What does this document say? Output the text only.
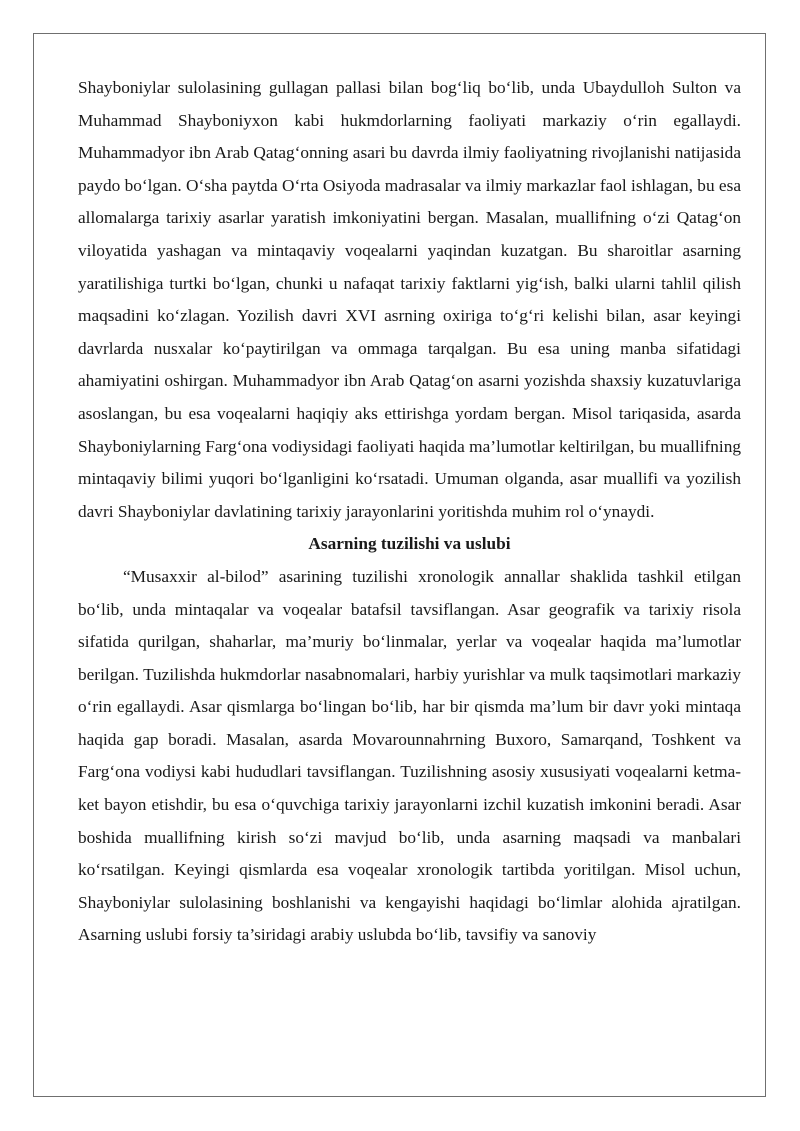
Shayboniylar sulolasining gullagan pallasi bilan bog‘liq bo‘lib, unda Ubaydulloh Sulton va Muhammad Shayboniyxon kabi hukmdorlarning faoliyati markaziy o‘rin egallaydi. Muhammadyor ibn Arab Qatag‘onning asari bu davrda ilmiy faoliyatning rivojlanishi natijasida paydo bo‘lgan. O‘sha paytda O‘rta Osiyoda madrasalar va ilmiy markazlar faol ishlagan, bu esa allomalarga tarixiy asarlar yaratish imkoniyatini bergan. Masalan, muallifning o‘zi Qatag‘on viloyatida yashagan va mintaqaviy voqealarni yaqindan kuzatgan. Bu sharoitlar asarning yaratilishiga turtki bo‘lgan, chunki u nafaqat tarixiy faktlarni yig‘ish, balki ularni tahlil qilish maqsadini ko‘zlagan. Yozilish davri XVI asrning oxiriga to‘g‘ri kelishi bilan, asar keyingi davrlarda nusxalar ko‘paytirilgan va ommaga tarqalgan. Bu esa uning manba sifatidagi ahamiyatini oshirgan. Muhammadyor ibn Arab Qatag‘on asarni yozishda shaxsiy kuzatuvlariga asoslangan, bu esa voqealarni haqiqiy aks ettirishga yordam bergan. Misol tariqasida, asarda Shayboniylarning Farg‘ona vodiysidagi faoliyati haqida ma’lumotlar keltirilgan, bu muallifning mintaqaviy bilimi yuqori bo‘lganligini ko‘rsatadi. Umuman olganda, asar muallifi va yozilish davri Shayboniylar davlatining tarixiy jarayonlarini yoritishda muhim rol o‘ynaydi.

Asarning tuzilishi va uslubi

“Musaxxir al-bilod” asarining tuzilishi xronologik annallar shaklida tashkil etilgan bo‘lib, unda mintaqalar va voqealar batafsil tavsiflangan. Asar geografik va tarixiy risola sifatida qurilgan, shaharlar, ma’muriy bo‘linmalar, yerlar va voqealar haqida ma’lumotlar berilgan. Tuzilishda hukmdorlar nasabnomalari, harbiy yurishlar va mulk taqsimotlari markaziy o‘rin egallaydi. Asar qismlarga bo‘lingan bo‘lib, har bir qismda ma’lum bir davr yoki mintaqa haqida gap boradi. Masalan, asarda Movarounnahrning Buxoro, Samarqand, Toshkent va Farg‘ona vodiysi kabi hududlari tavsiflangan. Tuzilishning asosiy xususiyati voqealarni ketma-ket bayon etishdir, bu esa o‘quvchiga tarixiy jarayonlarni izchil kuzatish imkonini beradi. Asar boshida muallifning kirish so‘zi mavjud bo‘lib, unda asarning maqsadi va manbalari ko‘rsatilgan. Keyingi qismlarda esa voqealar xronologik tartibda yoritilgan. Misol uchun, Shayboniylar sulolasining boshlanishi va kengayishi haqidagi bo‘limlar alohida ajratilgan. Asarning uslubi forsiy ta’siridagi arabiy uslubda bo‘lib, tavsifiy va sanoviy
